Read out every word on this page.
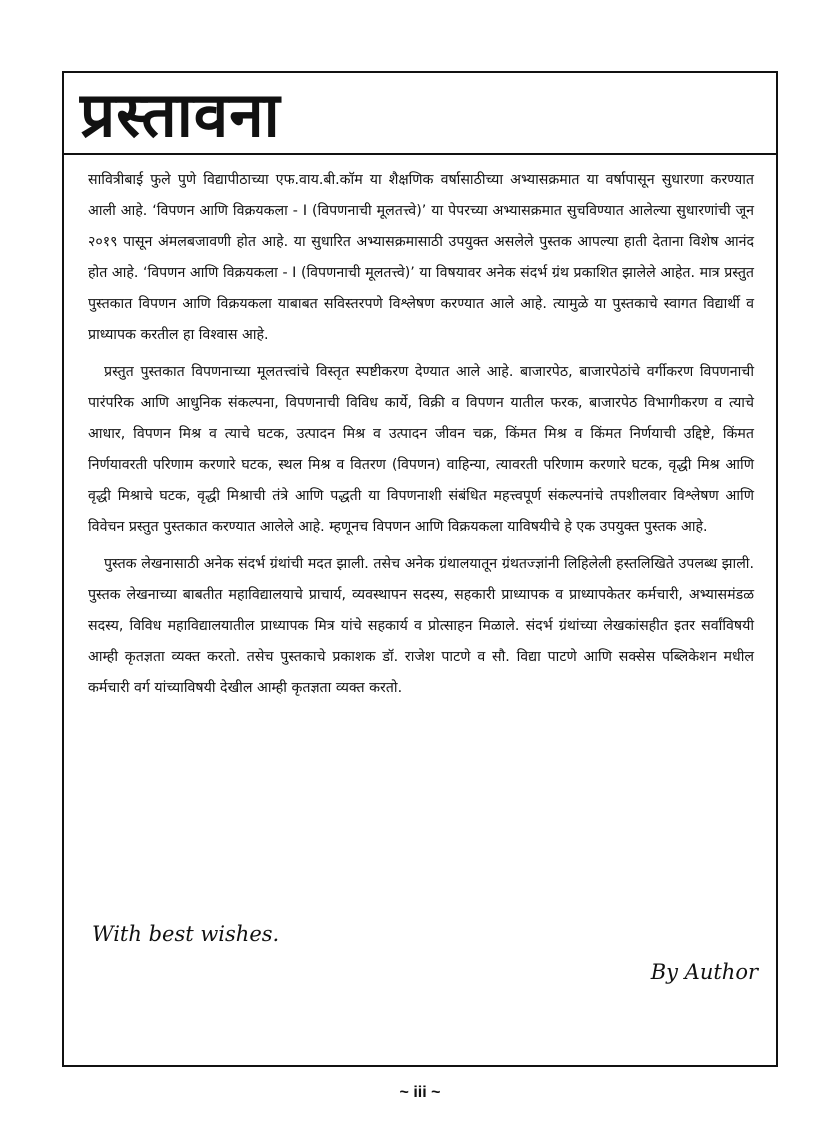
प्रस्तावना

सावित्रीबाई फुले पुणे विद्यापीठाच्या एफ.वाय.बी.कॉम या शैक्षणिक वर्षासाठीच्या अभ्यासक्रमात या वर्षापासून सुधारणा करण्यात आली आहे. ‘विपणन आणि विक्रयकला - I (विपणनाची मूलतत्त्वे)’ या पेपरच्या अभ्यासक्रमात सुचविण्यात आलेल्या सुधारणांची जून २०१९ पासून अंमलबजावणी होत आहे. या सुधारित अभ्यासक्रमासाठी उपयुक्त असलेले पुस्तक आपल्या हाती देताना विशेष आनंद होत आहे. ‘विपणन आणि विक्रयकला - I (विपणनाची मूलतत्त्वे)’ या विषयावर अनेक संदर्भ ग्रंथ प्रकाशित झालेले आहेत. मात्र प्रस्तुत पुस्तकात विपणन आणि विक्रयकला याबाबत सविस्तरपणे विश्लेषण करण्यात आले आहे. त्यामुळे या पुस्तकाचे स्वागत विद्यार्थी व प्राध्यापक करतील हा विश्वास आहे.

प्रस्तुत पुस्तकात विपणनाच्या मूलतत्त्वांचे विस्तृत स्पष्टीकरण देण्यात आले आहे. बाजारपेठ, बाजारपेठांचे वर्गीकरण विपणनाची पारंपरिक आणि आधुनिक संकल्पना, विपणनाची विविध कार्ये, विक्री व विपणन यातील फरक, बाजारपेठ विभागीकरण व त्याचे आधार, विपणन मिश्र व त्याचे घटक, उत्पादन मिश्र व उत्पादन जीवन चक्र, किंमत मिश्र व किंमत निर्णयाची उद्दिष्टे, किंमत निर्णयावरती परिणाम करणारे घटक, स्थल मिश्र व वितरण (विपणन) वाहिन्या, त्यावरती परिणाम करणारे घटक, वृद्धी मिश्र आणि वृद्धी मिश्राचे घटक, वृद्धी मिश्राची तंत्रे आणि पद्धती या विपणनाशी संबंधित महत्त्वपूर्ण संकल्पनांचे तपशीलवार विश्लेषण आणि विवेचन प्रस्तुत पुस्तकात करण्यात आलेले आहे. म्हणूनच विपणन आणि विक्रयकला याविषयीचे हे एक उपयुक्त पुस्तक आहे.

पुस्तक लेखनासाठी अनेक संदर्भ ग्रंथांची मदत झाली. तसेच अनेक ग्रंथालयातून ग्रंथतज्ज्ञांनी लिहिलेली हस्तलिखिते उपलब्ध झाली. पुस्तक लेखनाच्या बाबतीत महाविद्यालयाचे प्राचार्य, व्यवस्थापन सदस्य, सहकारी प्राध्यापक व प्राध्यापकेतर कर्मचारी, अभ्यासमंडळ सदस्य, विविध महाविद्यालयातील प्राध्यापक मित्र यांचे सहकार्य व प्रोत्साहन मिळाले. संदर्भ ग्रंथांच्या लेखकांसहीत इतर सर्वांविषयी आम्ही कृतज्ञता व्यक्त करतो. तसेच पुस्तकाचे प्रकाशक डॉ. राजेश पाटणे व सौ. विद्या पाटणे आणि सक्सेस पब्लिकेशन मधील कर्मचारी वर्ग यांच्याविषयी देखील आम्ही कृतज्ञता व्यक्त करतो.

With best wishes.
By Author
~ iii ~
